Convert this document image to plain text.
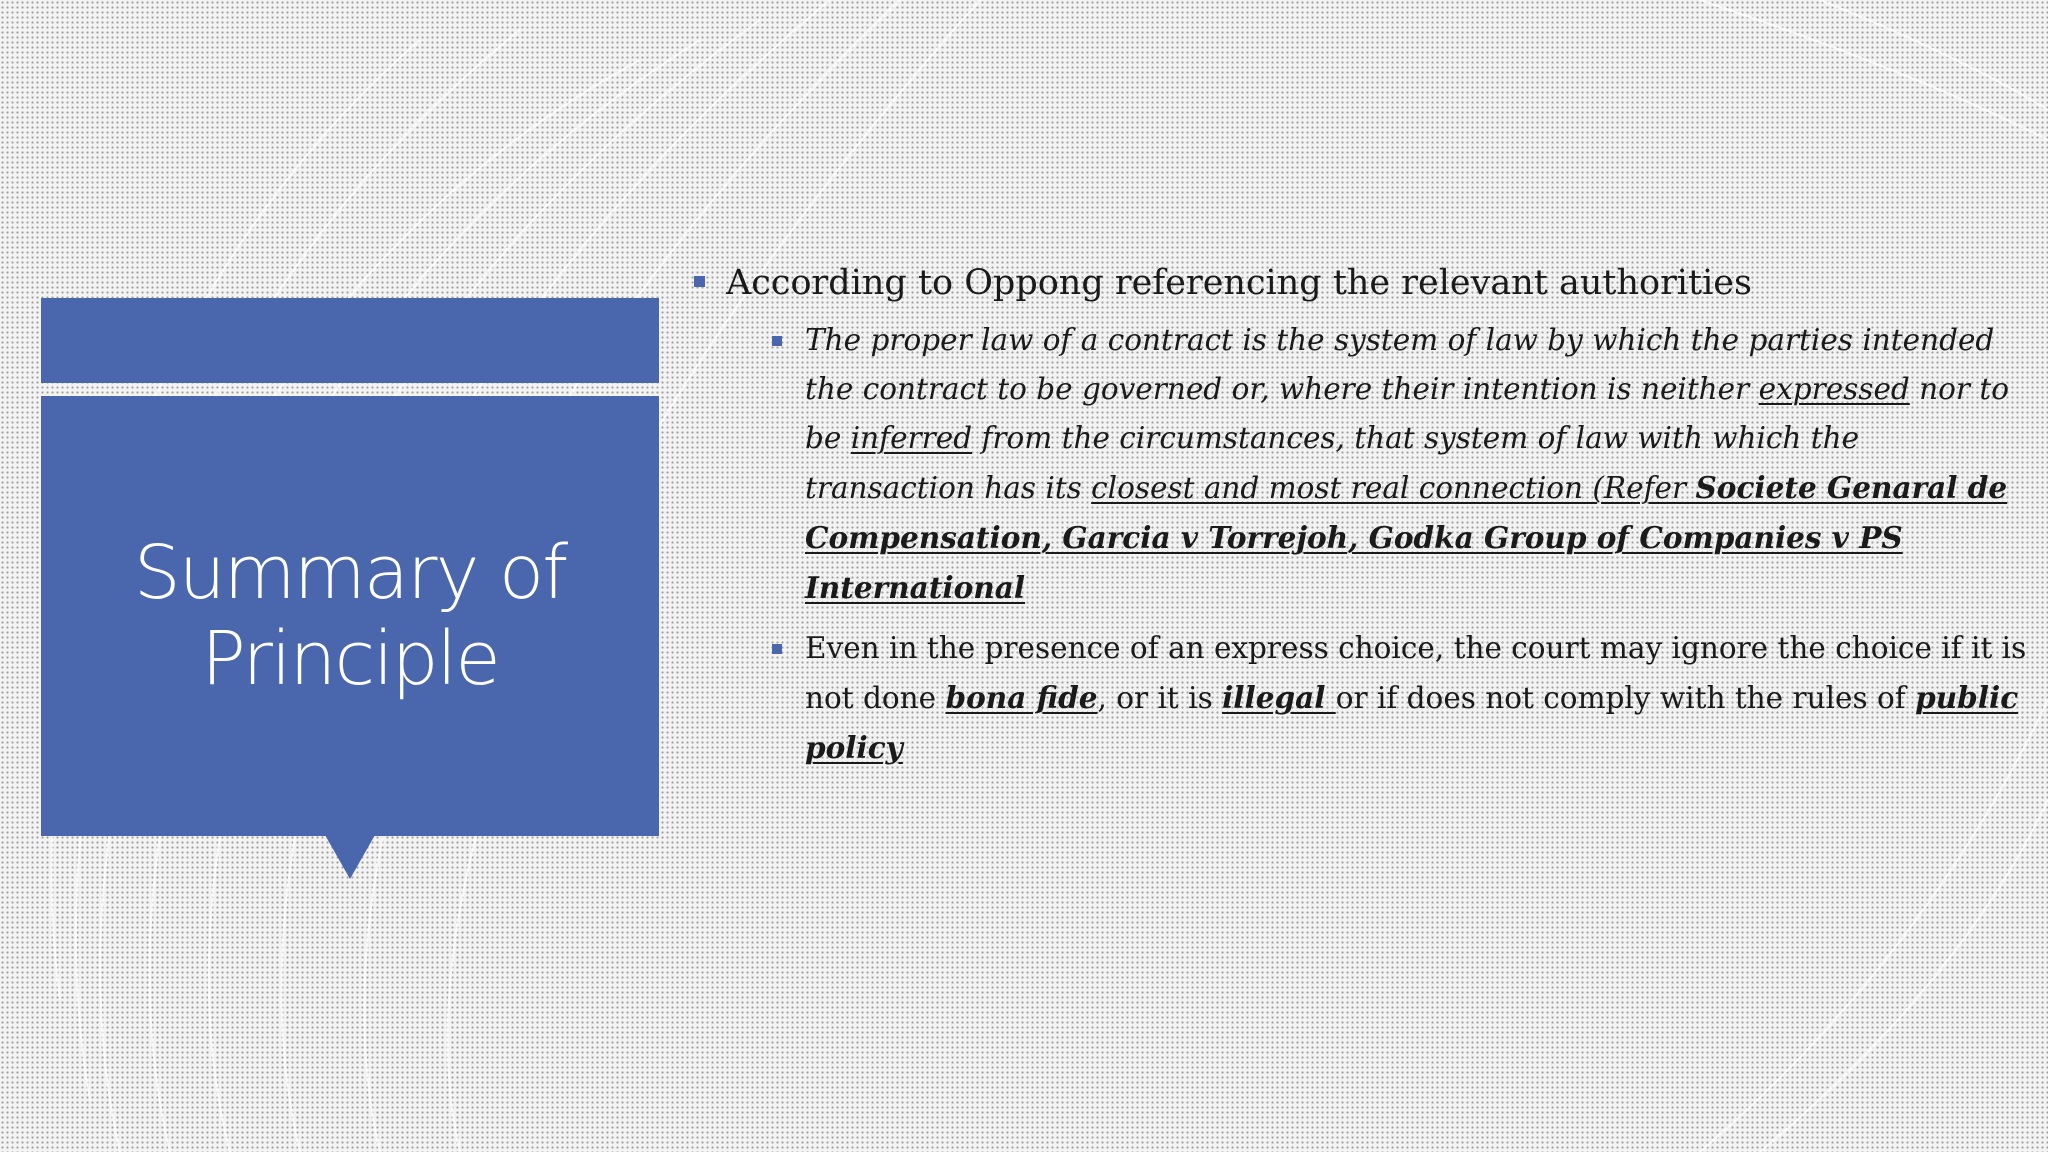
Summary of
Principle
According to Oppong referencing the relevant authorities
The proper law of a contract is the system of law by which the parties intended the contract to be governed or, where their intention is neither expressed nor to be inferred from the circumstances, that system of law with which the transaction has its closest and most real connection (Refer Societe Genaral de Compensation, Garcia v Torrejoh, Godka Group of Companies v PS International
Even in the presence of an express choice, the court may ignore the choice if it is not done bona fide, or it is illegal or if does not comply with the rules of public policy
